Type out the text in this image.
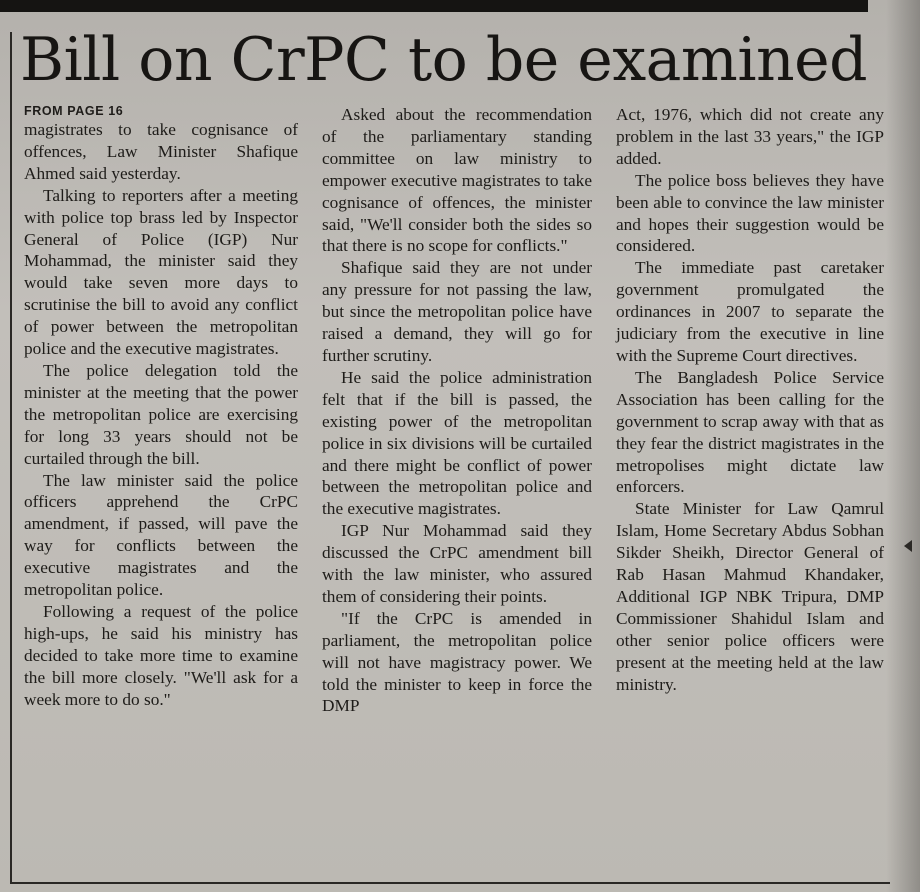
Bill on CrPC to be examined
FROM PAGE 16

magistrates to take cognisance of offences, Law Minister Shafique Ahmed said yesterday.

Talking to reporters after a meeting with police top brass led by Inspector General of Police (IGP) Nur Mohammad, the minister said they would take seven more days to scrutinise the bill to avoid any conflict of power between the metropolitan police and the executive magistrates.

The police delegation told the minister at the meeting that the power the metropolitan police are exercising for long 33 years should not be curtailed through the bill.

The law minister said the police officers apprehend the CrPC amendment, if passed, will pave the way for conflicts between the executive magistrates and the metropolitan police.

Following a request of the police high-ups, he said his ministry has decided to take more time to examine the bill more closely. "We'll ask for a week more to do so."

Asked about the recommendation of the parliamentary standing committee on law ministry to empower executive magistrates to take cognisance of offences, the minister said, "We'll consider both the sides so that there is no scope for conflicts."

Shafique said they are not under any pressure for not passing the law, but since the metropolitan police have raised a demand, they will go for further scrutiny.

He said the police administration felt that if the bill is passed, the existing power of the metropolitan police in six divisions will be curtailed and there might be conflict of power between the metropolitan police and the executive magistrates.

IGP Nur Mohammad said they discussed the CrPC amendment bill with the law minister, who assured them of considering their points.

"If the CrPC is amended in parliament, the metropolitan police will not have magistracy power. We told the minister to keep in force the DMP

Act, 1976, which did not create any problem in the last 33 years," the IGP added.

The police boss believes they have been able to convince the law minister and hopes their suggestion would be considered.

The immediate past caretaker government promulgated the ordinances in 2007 to separate the judiciary from the executive in line with the Supreme Court directives.

The Bangladesh Police Service Association has been calling for the government to scrap away with that as they fear the district magistrates in the metropolises might dictate law enforcers.

State Minister for Law Qamrul Islam, Home Secretary Abdus Sobhan Sikder Sheikh, Director General of Rab Hasan Mahmud Khandaker, Additional IGP NBK Tripura, DMP Commissioner Shahidul Islam and other senior police officers were present at the meeting held at the law ministry.
